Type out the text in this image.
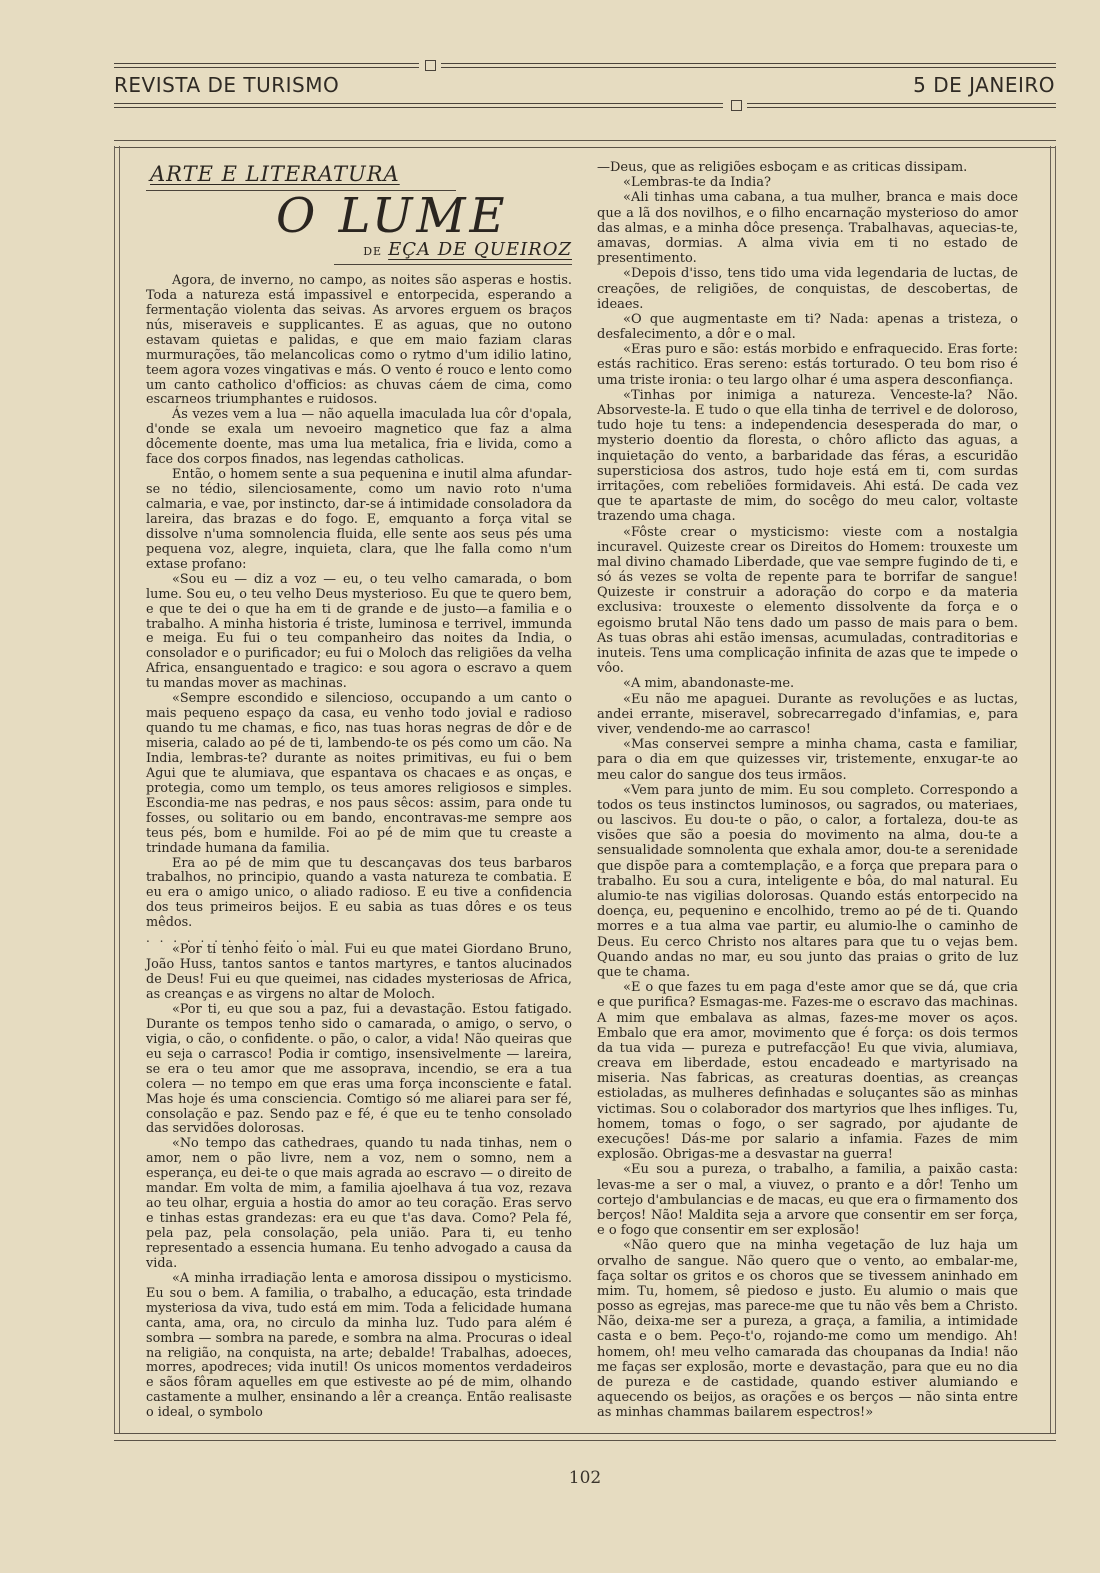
REVISTA DE TURISMO	5 DE JANEIRO
ARTE E LITERATURA
O LUME
DE EÇA DE QUEIROZ

Agora, de inverno, no campo, as noites são asperas e hostis. Toda a natureza está impassivel e entorpecida, esperando a fermentação violenta das seivas. As arvores erguem os braços nús, miseraveis e supplicantes. E as aguas, que no outono estavam quietas e palidas, e que em maio faziam claras murmurações, tão melancolicas como o rytmo d'um idilio latino, teem agora vozes vingativas e más. O vento é rouco e lento como um canto catholico d'officios: as chuvas cáem de cima, como escarneos triumphantes e ruidosos.

Ás vezes vem a lua — não aquella imaculada lua côr d'opala, d'onde se exala um nevoeiro magnetico que faz a alma dôcemente doente, mas uma lua metalica, fria e livida, como a face dos corpos finados, nas legendas catholicas.

Então, o homem sente a sua pequenina e inutil alma afundar-se no tédio, silenciosamente, como um navio roto n'uma calmaria, e vae, por instincto, dar-se á intimidade consoladora da lareira, das brazas e do fogo. E, emquanto a força vital se dissolve n'uma somnolencia fluida, elle sente aos seus pés uma pequena voz, alegre, inquieta, clara, que lhe falla como n'um extase profano:

«Sou eu — diz a voz — eu, o teu velho camarada, o bom lume. Sou eu, o teu velho Deus mysterioso. Eu que te quero bem, e que te dei o que ha em ti de grande e de justo—a familia e o trabalho. A minha historia é triste, luminosa e terrivel, immunda e meiga. Eu fui o teu companheiro das noites da India, o consolador e o purificador; eu fui o Moloch das religiões da velha Africa, ensanguentado e tragico: e sou agora o escravo a quem tu mandas mover as machinas.

«Sempre escondido e silencioso, occupando a um canto o mais pequeno espaço da casa, eu venho todo jovial e radioso quando tu me chamas, e fico, nas tuas horas negras de dôr e de miseria, calado ao pé de ti, lambendo-te os pés como um cão. Na India, lembras-te? durante as noites primitivas, eu fui o bem Agui que te alumiava, que espantava os chacaes e as onças, e protegia, como um templo, os teus amores religiosos e simples. Escondia-me nas pedras, e nos paus sêcos: assim, para onde tu fosses, ou solitario ou em bando, encontravas-me sempre aos teus pés, bom e humilde. Foi ao pé de mim que tu creaste a trindade humana da familia.

Era ao pé de mim que tu descançavas dos teus barbaros trabalhos, no principio, quando a vasta natureza te combatia. E eu era o amigo unico, o aliado radioso. E eu tive a confidencia dos teus primeiros beijos. E eu sabia as tuas dôres e os teus mêdos.

. . . . . . . . . . . . . .

«Por ti tenho feito o mal. Fui eu que matei Giordano Bruno, João Huss, tantos santos e tantos martyres, e tantos alucinados de Deus! Fui eu que queimei, nas cidades mysteriosas de Africa, as creanças e as virgens no altar de Moloch.

«Por ti, eu que sou a paz, fui a devastação. Estou fatigado. Durante os tempos tenho sido o camarada, o amigo, o servo, o vigia, o cão, o confidente. o pão, o calor, a vida! Não queiras que eu seja o carrasco! Podia ir comtigo, insensivelmente — lareira, se era o teu amor que me assoprava, incendio, se era a tua colera — no tempo em que eras uma força inconsciente e fatal. Mas hoje és uma consciencia. Comtigo só me aliarei para ser fé, consolação e paz. Sendo paz e fé, é que eu te tenho consolado das servidões dolorosas.

«No tempo das cathedraes, quando tu nada tinhas, nem o amor, nem o pão livre, nem a voz, nem o somno, nem a esperança, eu dei-te o que mais agrada ao escravo — o direito de mandar. Em volta de mim, a familia ajoelhava á tua voz, rezava ao teu olhar, erguia a hostia do amor ao teu coração. Eras servo e tinhas estas grandezas: era eu que t'as dava. Como? Pela fé, pela paz, pela consolação, pela união. Para ti, eu tenho representado a essencia humana. Eu tenho advogado a causa da vida.

«A minha irradiação lenta e amorosa dissipou o mysticismo. Eu sou o bem. A familia, o trabalho, a educação, esta trindade mysteriosa da viva, tudo está em mim. Toda a felicidade humana canta, ama, ora, no circulo da minha luz. Tudo para além é sombra — sombra na parede, e sombra na alma. Procuras o ideal na religião, na conquista, na arte; debalde! Trabalhas, adoeces, morres, apodreces; vida inutil! Os unicos momentos verdadeiros e sãos fôram aquelles em que estiveste ao pé de mim, olhando castamente a mulher, ensinando a lêr a creança. Então realisaste o ideal, o symbolo

—Deus, que as religiões esboçam e as criticas dissipam.

«Lembras-te da India?

«Ali tinhas uma cabana, a tua mulher, branca e mais doce que a lã dos novilhos, e o filho encarnação mysterioso do amor das almas, e a minha dôce presença. Trabalhavas, aquecias-te, amavas, dormias. A alma vivia em ti no estado de presentimento.

«Depois d'isso, tens tido uma vida legendaria de luctas, de creações, de religiões, de conquistas, de descobertas, de ideaes.

«O que augmentaste em ti? Nada: apenas a tristeza, o desfalecimento, a dôr e o mal.

«Eras puro e são: estás morbido e enfraquecido. Eras forte: estás rachitico. Eras sereno: estás torturado. O teu bom riso é uma triste ironia: o teu largo olhar é uma aspera desconfiança.

«Tinhas por inimiga a natureza. Venceste-la? Não. Absorveste-la. E tudo o que ella tinha de terrivel e de doloroso, tudo hoje tu tens: a independencia desesperada do mar, o mysterio doentio da floresta, o chôro aflicto das aguas, a inquietação do vento, a barbaridade das féras, a escuridão supersticiosa dos astros, tudo hoje está em ti, com surdas irritações, com rebeliões formidaveis. Ahi está. De cada vez que te apartaste de mim, do socêgo do meu calor, voltaste trazendo uma chaga.

«Fôste crear o mysticismo: vieste com a nostalgia incuravel. Quizeste crear os Direitos do Homem: trouxeste um mal divino chamado Liberdade, que vae sempre fugindo de ti, e só ás vezes se volta de repente para te borrifar de sangue! Quizeste ir construir a adoração do corpo e da materia exclusiva: trouxeste o elemento dissolvente da força e o egoismo brutal Não tens dado um passo de mais para o bem. As tuas obras ahi estão imensas, acumuladas, contraditorias e inuteis. Tens uma complicação infinita de azas que te impede o vôo.

«A mim, abandonaste-me.

«Eu não me apaguei. Durante as revoluções e as luctas, andei errante, miseravel, sobrecarregado d'infamias, e, para viver, vendendo-me ao carrasco!

«Mas conservei sempre a minha chama, casta e familiar, para o dia em que quizesses vir, tristemente, enxugar-te ao meu calor do sangue dos teus irmãos.

«Vem para junto de mim. Eu sou completo. Correspondo a todos os teus instinctos luminosos, ou sagrados, ou materiaes, ou lascivos. Eu dou-te o pão, o calor, a fortaleza, dou-te as visões que são a poesia do movimento na alma, dou-te a sensualidade somnolenta que exhala amor, dou-te a serenidade que dispõe para a comtemplação, e a força que prepara para o trabalho. Eu sou a cura, inteligente e bôa, do mal natural. Eu alumio-te nas vigilias dolorosas. Quando estás entorpecido na doença, eu, pequenino e encolhido, tremo ao pé de ti. Quando morres e a tua alma vae partir, eu alumio-lhe o caminho de Deus. Eu cerco Christo nos altares para que tu o vejas bem. Quando andas no mar, eu sou junto das praias o grito de luz que te chama.

«E o que fazes tu em paga d'este amor que se dá, que cria e que purifica? Esmagas-me. Fazes-me o escravo das machinas. A mim que embalava as almas, fazes-me mover os aços. Embalo que era amor, movimento que é força: os dois termos da tua vida — pureza e putrefacção! Eu que vivia, alumiava, creava em liberdade, estou encadeado e martyrisado na miseria. Nas fabricas, as creaturas doentias, as creanças estioladas, as mulheres definhadas e soluçantes são as minhas victimas. Sou o colaborador dos martyrios que lhes infliges. Tu, homem, tomas o fogo, o ser sagrado, por ajudante de execuções! Dás-me por salario a infamia. Fazes de mim explosão. Obrigas-me a desvastar na guerra!

«Eu sou a pureza, o trabalho, a familia, a paixão casta: levas-me a ser o mal, a viuvez, o pranto e a dôr! Tenho um cortejo d'ambulancias e de macas, eu que era o firmamento dos berços! Não! Maldita seja a arvore que consentir em ser força, e o fogo que consentir em ser explosão!

«Não quero que na minha vegetação de luz haja um orvalho de sangue. Não quero que o vento, ao embalar-me, faça soltar os gritos e os choros que se tivessem aninhado em mim. Tu, homem, sê piedoso e justo. Eu alumio o mais que posso as egrejas, mas parece-me que tu não vês bem a Christo. Não, deixa-me ser a pureza, a graça, a familia, a intimidade casta e o bem. Peço-t'o, rojando-me como um mendigo. Ah! homem, oh! meu velho camarada das choupanas da India! não me faças ser explosão, morte e devastação, para que eu no dia de pureza e de castidade, quando estiver alumiando e aquecendo os beijos, as orações e os berços — não sinta entre as minhas chammas bailarem espectros!»

102
